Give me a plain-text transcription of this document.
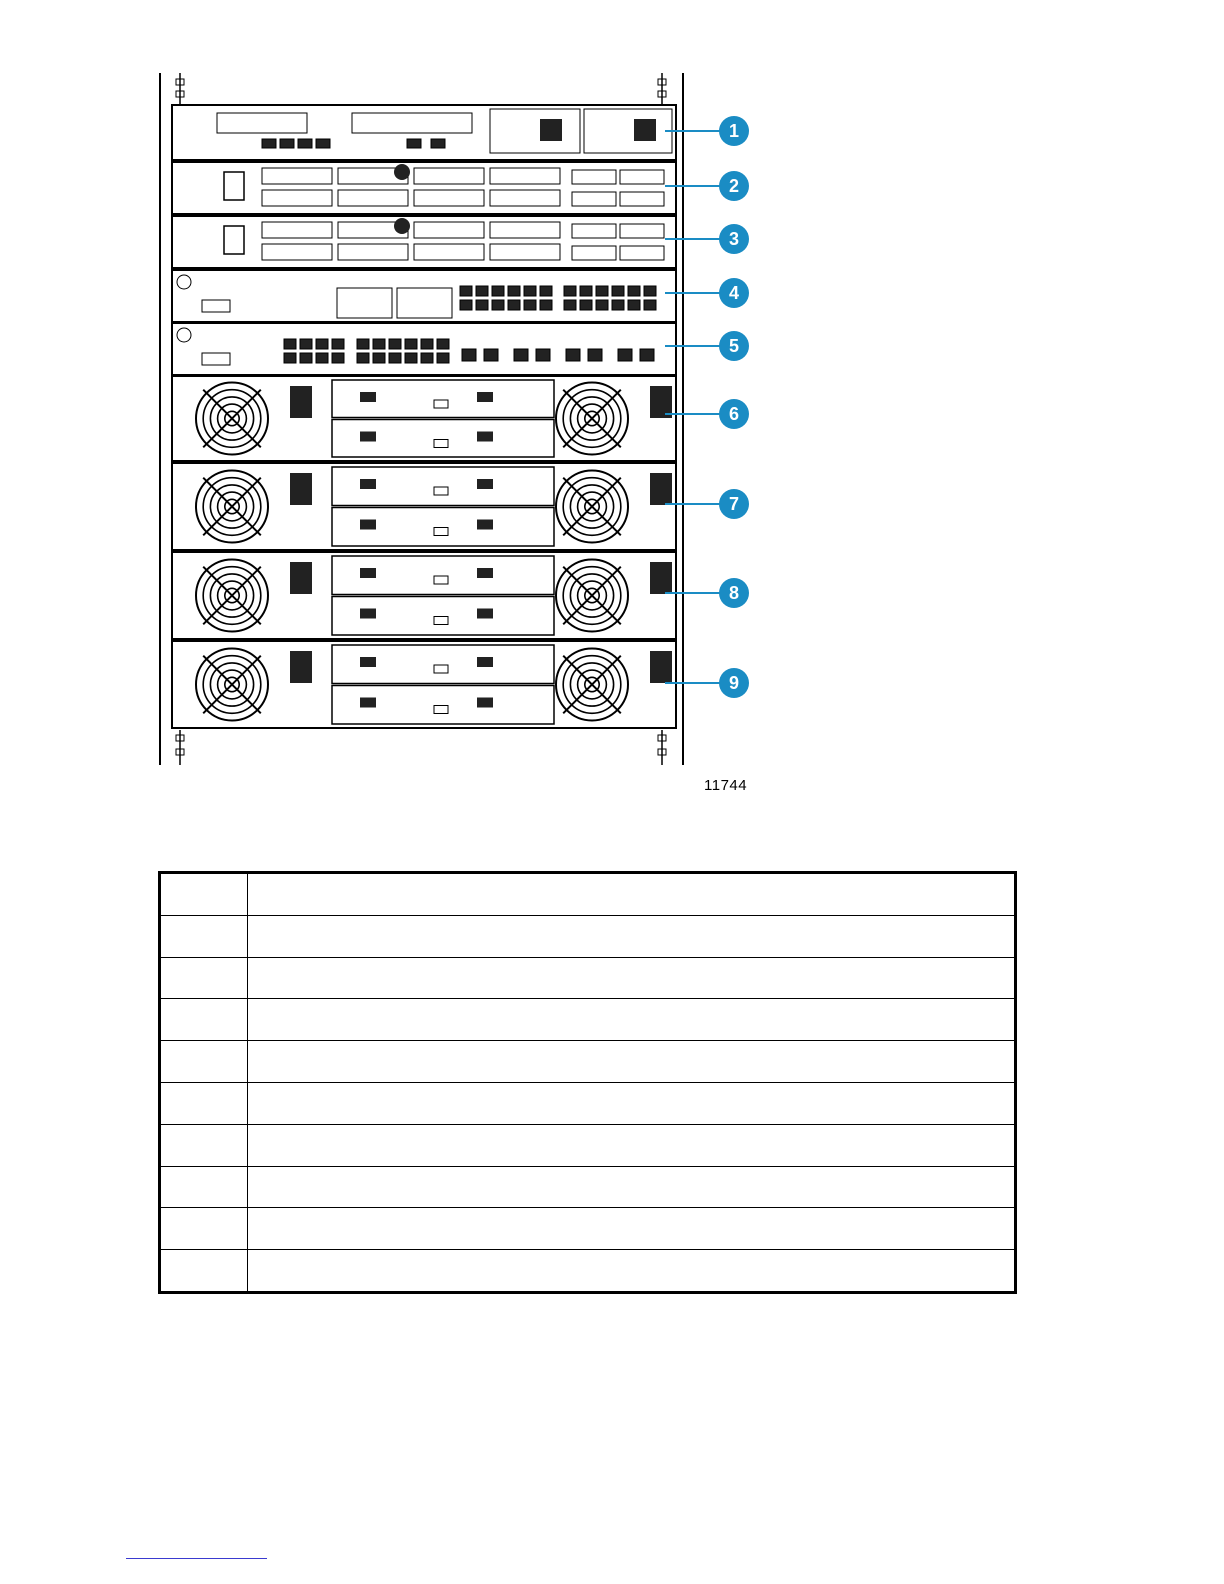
1
2
3
4
5
6
7
8
9
11744
